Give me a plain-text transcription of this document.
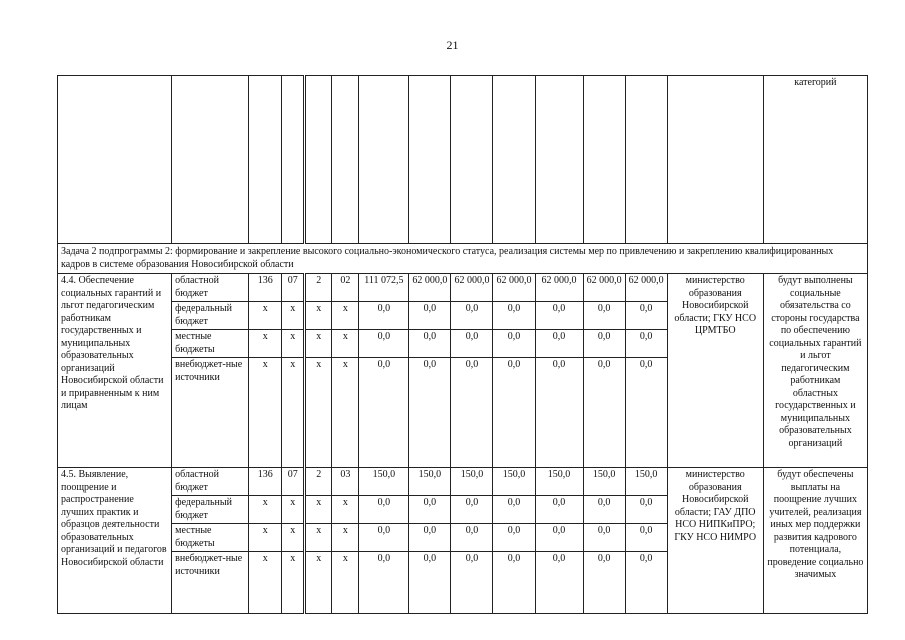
21
														категорий
Задача 2 подпрограммы 2: формирование и закрепление высокого социально-экономического статуса, реализация системы мер по привлечению и закреплению квалифицированных кадров в системе образования Новосибирской области														
4.4. Обеспечение социальных гарантий и льгот педагогическим работникам государственных и муниципальных образовательных организаций Новосибирской области и приравненным к ним лицам	областной бюджет	136	07	2	02	111 072,5	62 000,0	62 000,0	62 000,0	62 000,0	62 000,0	62 000,0	министерство образования Новосибирской области; ГКУ НСО ЦРМТБО	будут выполнены социальные обязательства со стороны государства по обеспечению социальных гарантий и льгот педагогическим работникам областных государственных и муниципальных образовательных организаций
	федеральный бюджет	х	х	х	х	0,0	0,0	0,0	0,0	0,0	0,0	0,0		
	местные бюджеты	х	х	х	х	0,0	0,0	0,0	0,0	0,0	0,0	0,0		
	внебюджет-ные источники	х	х	х	х	0,0	0,0	0,0	0,0	0,0	0,0	0,0		
4.5. Выявление, поощрение и распространение лучших практик и образцов деятельности образовательных организаций и педагогов Новосибирской области	областной бюджет	136	07	2	03	150,0	150,0	150,0	150,0	150,0	150,0	150,0	министерство образования Новосибирской области; ГАУ ДПО НСО НИПКиПРО; ГКУ НСО НИМРО	будут обеспечены выплаты на поощрение лучших учителей, реализация иных мер поддержки развития кадрового потенциала, проведение социально значимых
	федеральный бюджет	х	х	х	х	0,0	0,0	0,0	0,0	0,0	0,0	0,0		
	местные бюджеты	х	х	х	х	0,0	0,0	0,0	0,0	0,0	0,0	0,0		
	внебюджет-ные источники	х	х	х	х	0,0	0,0	0,0	0,0	0,0	0,0	0,0		
